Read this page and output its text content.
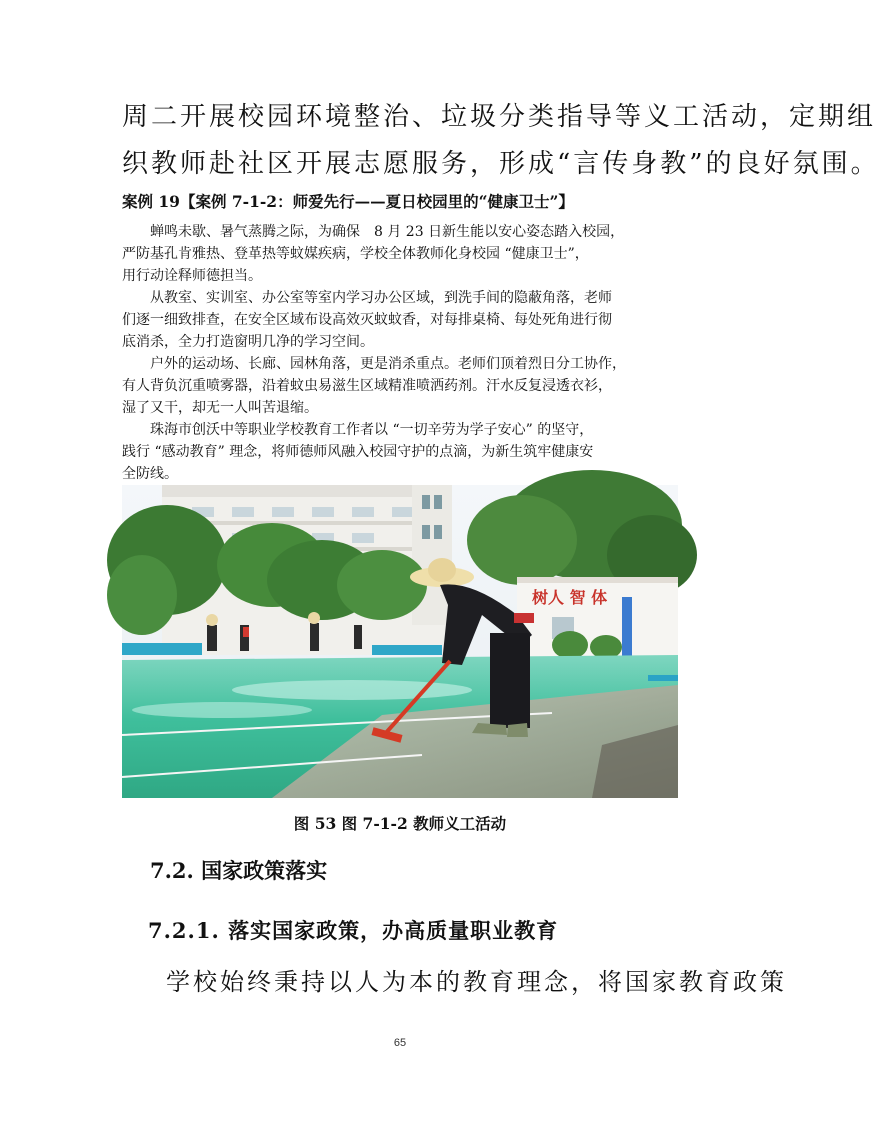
周二开展校园环境整治、垃圾分类指导等义工活动，定期组
织教师赴社区开展志愿服务，形成“言传身教”的良好氛围。
案例 19【案例 7-1-2：师爱先行——夏日校园里的“健康卫士”】
　　蝉鸣未歇、暑气蒸腾之际，为确保　8 月 23 日新生能以安心姿态踏入校园，
严防基孔肯雅热、登革热等蚊媒疾病，学校全体教师化身校园 “健康卫士”，
用行动诠释师德担当。
　　从教室、实训室、办公室等室内学习办公区域，到洗手间的隐蔽角落，老师
们逐一细致排查，在安全区域布设高效灭蚊蚊香，对每排桌椅、每处死角进行彻
底消杀，全力打造窗明几净的学习空间。
　　户外的运动场、长廊、园林角落，更是消杀重点。老师们顶着烈日分工协作，
有人背负沉重喷雾器，沿着蚊虫易滋生区域精准喷洒药剂。汗水反复浸透衣衫，
湿了又干，却无一人叫苦退缩。
　　珠海市创沃中等职业学校教育工作者以 “一切辛劳为学子安心” 的坚守，
践行 “感动教育” 理念，将师德师风融入校园守护的点滴，为新生筑牢健康安
全防线。
树人 智 体
图 53 图 7-1-2 教师义工活动
7.2. 国家政策落实
7.2.1. 落实国家政策，办高质量职业教育
学校始终秉持以人为本的教育理念，将国家教育政策
65
